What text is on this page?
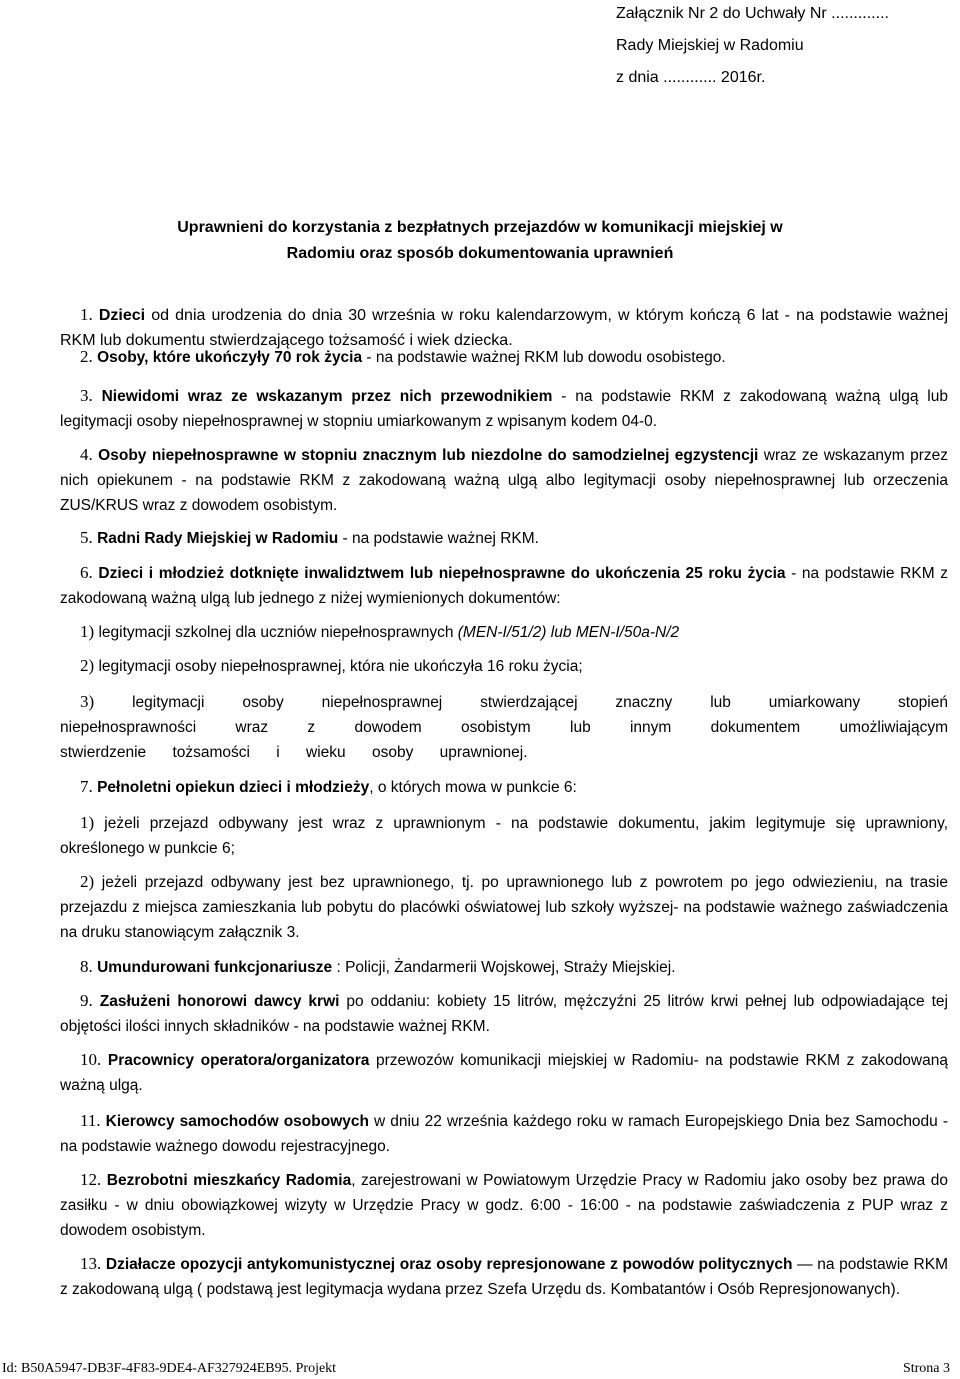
Załącznik Nr 2 do Uchwały Nr .............
Rady Miejskiej w Radomiu
z dnia ............ 2016r.
Uprawnieni do korzystania z bezpłatnych przejazdów w komunikacji miejskiej w
Radomiu oraz sposób dokumentowania uprawnień

1. Dzieci od dnia urodzenia do dnia 30 września w roku kalendarzowym, w którym kończą 6 lat - na podstawie ważnej RKM lub dokumentu stwierdzającego tożsamość i wiek dziecka.

2. Osoby, które ukończyły 70 rok życia - na podstawie ważnej RKM lub dowodu osobistego.

3. Niewidomi wraz ze wskazanym przez nich przewodnikiem - na podstawie RKM z zakodowaną ważną ulgą lub legitymacji osoby niepełnosprawnej w stopniu umiarkowanym z wpisanym kodem 04-0.

4. Osoby niepełnosprawne w stopniu znacznym lub niezdolne do samodzielnej egzystencji wraz ze wskazanym przez nich opiekunem - na podstawie RKM z zakodowaną ważną ulgą albo legitymacji osoby niepełnosprawnej lub orzeczenia ZUS/KRUS wraz z dowodem osobistym.

5. Radni Rady Miejskiej w Radomiu - na podstawie ważnej RKM.

6. Dzieci i młodzież dotknięte inwalidztwem lub niepełnosprawne do ukończenia 25 roku życia - na podstawie RKM z zakodowaną ważną ulgą lub jednego z niżej wymienionych dokumentów:

1) legitymacji szkolnej dla uczniów niepełnosprawnych (MEN-I/51/2) lub MEN-I/50a-N/2

2) legitymacji osoby niepełnosprawnej, która nie ukończyła 16 roku życia;

3) legitymacji osoby niepełnosprawnej stwierdzającej znaczny lub umiarkowany stopień niepełnosprawności wraz z dowodem osobistym lub innym dokumentem umożliwiającym stwierdzenie tożsamości i wieku osoby uprawnionej.

7. Pełnoletni opiekun dzieci i młodzieży, o których mowa w punkcie 6:

1) jeżeli przejazd odbywany jest wraz z uprawnionym - na podstawie dokumentu, jakim legitymuje się uprawniony, określonego w punkcie 6;

2) jeżeli przejazd odbywany jest bez uprawnionego, tj. po uprawnionego lub z powrotem po jego odwiezieniu, na trasie przejazdu z miejsca zamieszkania lub pobytu do placówki oświatowej lub szkoły wyższej- na podstawie ważnego zaświadczenia na druku stanowiącym załącznik 3.

8. Umundurowani funkcjonariusze : Policji, Żandarmerii Wojskowej, Straży Miejskiej.

9. Zasłużeni honorowi dawcy krwi po oddaniu: kobiety 15 litrów, mężczyźni 25 litrów krwi pełnej lub odpowiadające tej objętości ilości innych składników - na podstawie ważnej RKM.

10. Pracownicy operatora/organizatora przewozów komunikacji miejskiej w Radomiu- na podstawie RKM z zakodowaną ważną ulgą.

11. Kierowcy samochodów osobowych w dniu 22 września każdego roku w ramach Europejskiego Dnia bez Samochodu -na podstawie ważnego dowodu rejestracyjnego.

12. Bezrobotni mieszkańcy Radomia, zarejestrowani w Powiatowym Urzędzie Pracy w Radomiu jako osoby bez prawa do zasiłku - w dniu obowiązkowej wizyty w Urzędzie Pracy w godz. 6:00 - 16:00 - na podstawie zaświadczenia z PUP wraz z dowodem osobistym.

13. Działacze opozycji antykomunistycznej oraz osoby represjonowane z powodów politycznych — na podstawie RKM z zakodowaną ulgą ( podstawą jest legitymacja wydana przez Szefa Urzędu ds. Kombatantów i Osób Represjonowanych).

Id: B50A5947-DB3F-4F83-9DE4-AF327924EB95. Projekt	Strona 3
